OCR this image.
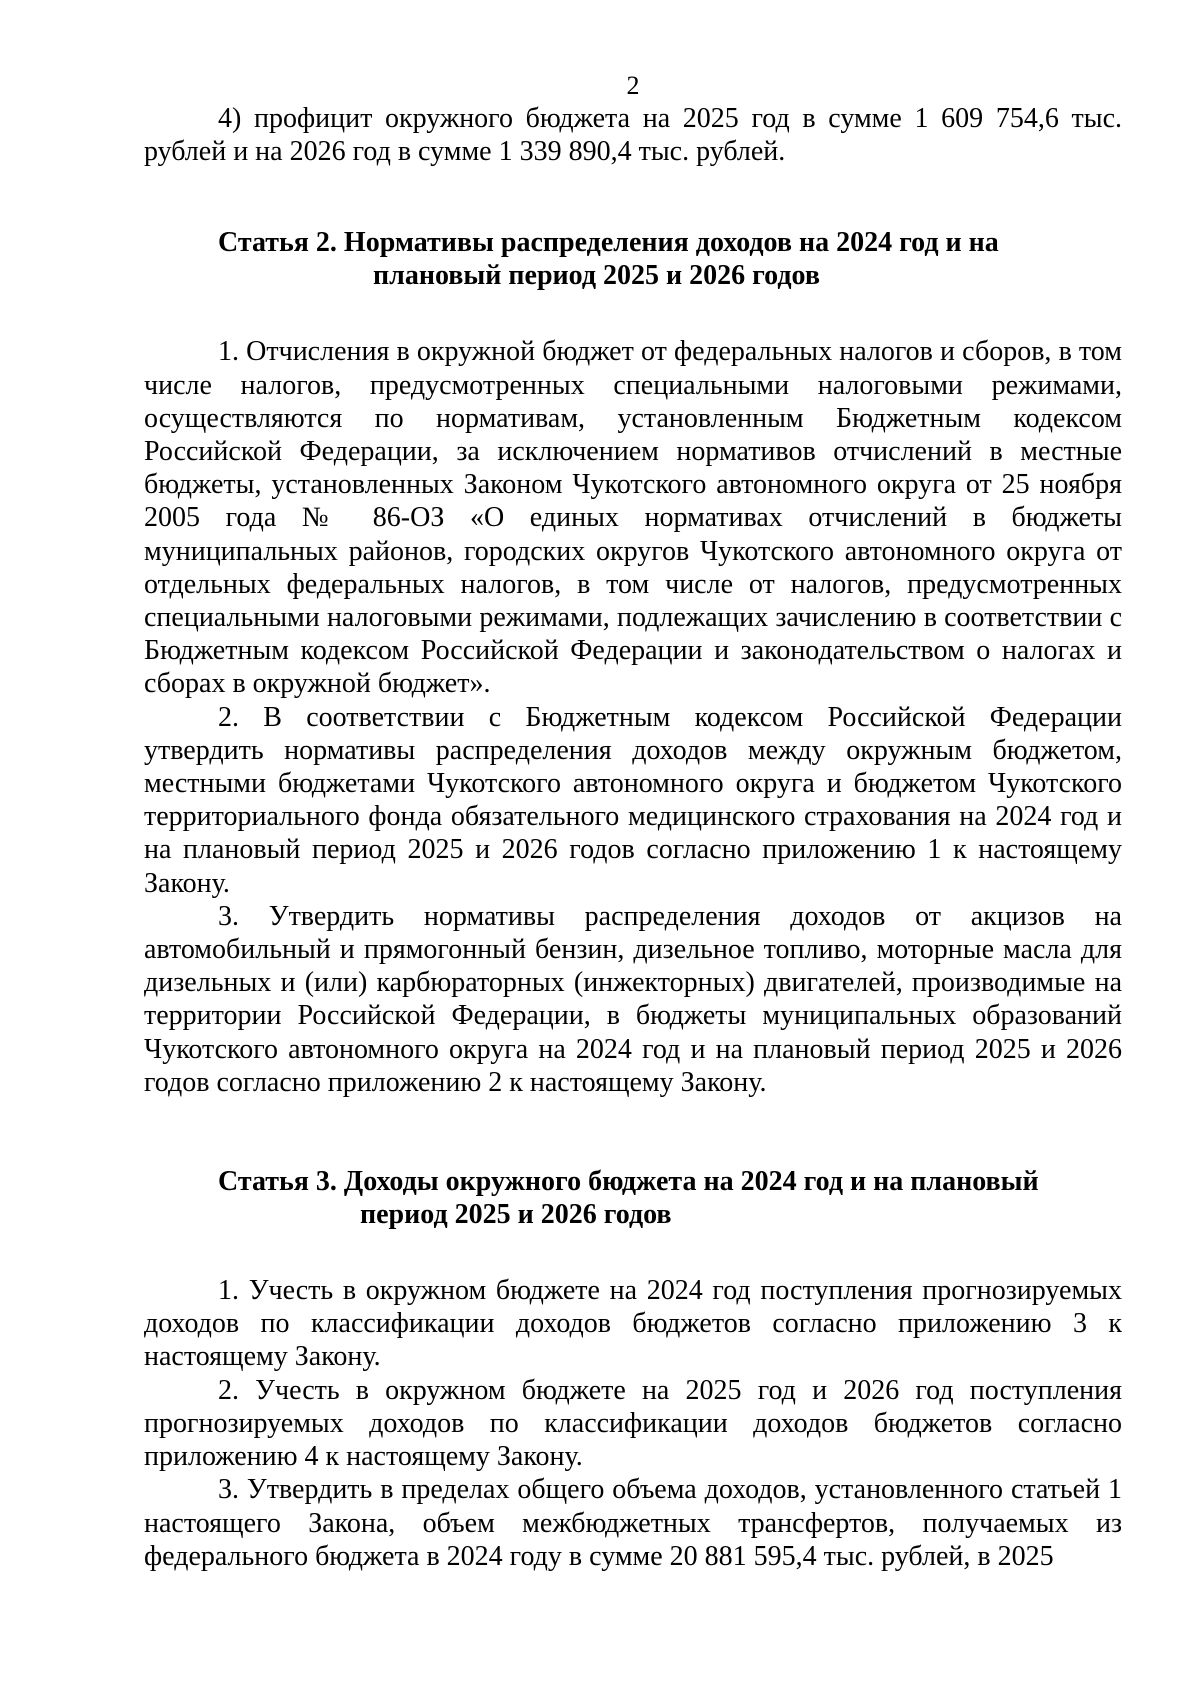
2

4) профицит окружного бюджета на 2025 год в сумме 1 609 754,6 тыс. рублей и на 2026 год в сумме 1 339 890,4 тыс. рублей.

Статья 2. Нормативы распределения доходов на 2024 год и на
плановый период 2025 и 2026 годов

1. Отчисления в окружной бюджет от федеральных налогов и сборов, в том числе налогов, предусмотренных специальными налоговыми режимами, осуществляются по нормативам, установленным Бюджетным кодексом Российской Федерации, за исключением нормативов отчислений в местные бюджеты, установленных Законом Чукотского автономного округа от 25 ноября 2005 года № 86-ОЗ «О единых нормативах отчислений в бюджеты муниципальных районов, городских округов Чукотского автономного округа от отдельных федеральных налогов, в том числе от налогов, предусмотренных специальными налоговыми режимами, подлежащих зачислению в соответствии с Бюджетным кодексом Российской Федерации и законодательством о налогах и сборах в окружной бюджет».

2. В соответствии с Бюджетным кодексом Российской Федерации утвердить нормативы распределения доходов между окружным бюджетом, местными бюджетами Чукотского автономного округа и бюджетом Чукотского территориального фонда обязательного медицинского страхования на 2024 год и на плановый период 2025 и 2026 годов согласно приложению 1 к настоящему Закону.

3. Утвердить нормативы распределения доходов от акцизов на автомобильный и прямогонный бензин, дизельное топливо, моторные масла для дизельных и (или) карбюраторных (инжекторных) двигателей, производимые на территории Российской Федерации, в бюджеты муниципальных образований Чукотского автономного округа на 2024 год и на плановый период 2025 и 2026 годов согласно приложению 2 к настоящему Закону.

Статья 3. Доходы окружного бюджета на 2024 год и на плановый
период 2025 и 2026 годов

1. Учесть в окружном бюджете на 2024 год поступления прогнозируемых доходов по классификации доходов бюджетов согласно приложению 3 к настоящему Закону.

2. Учесть в окружном бюджете на 2025 год и 2026 год поступления прогнозируемых доходов по классификации доходов бюджетов согласно приложению 4 к настоящему Закону.

3. Утвердить в пределах общего объема доходов, установленного статьей 1 настоящего Закона, объем межбюджетных трансфертов, получаемых из федерального бюджета в 2024 году в сумме 20 881 595,4 тыс. рублей, в 2025
